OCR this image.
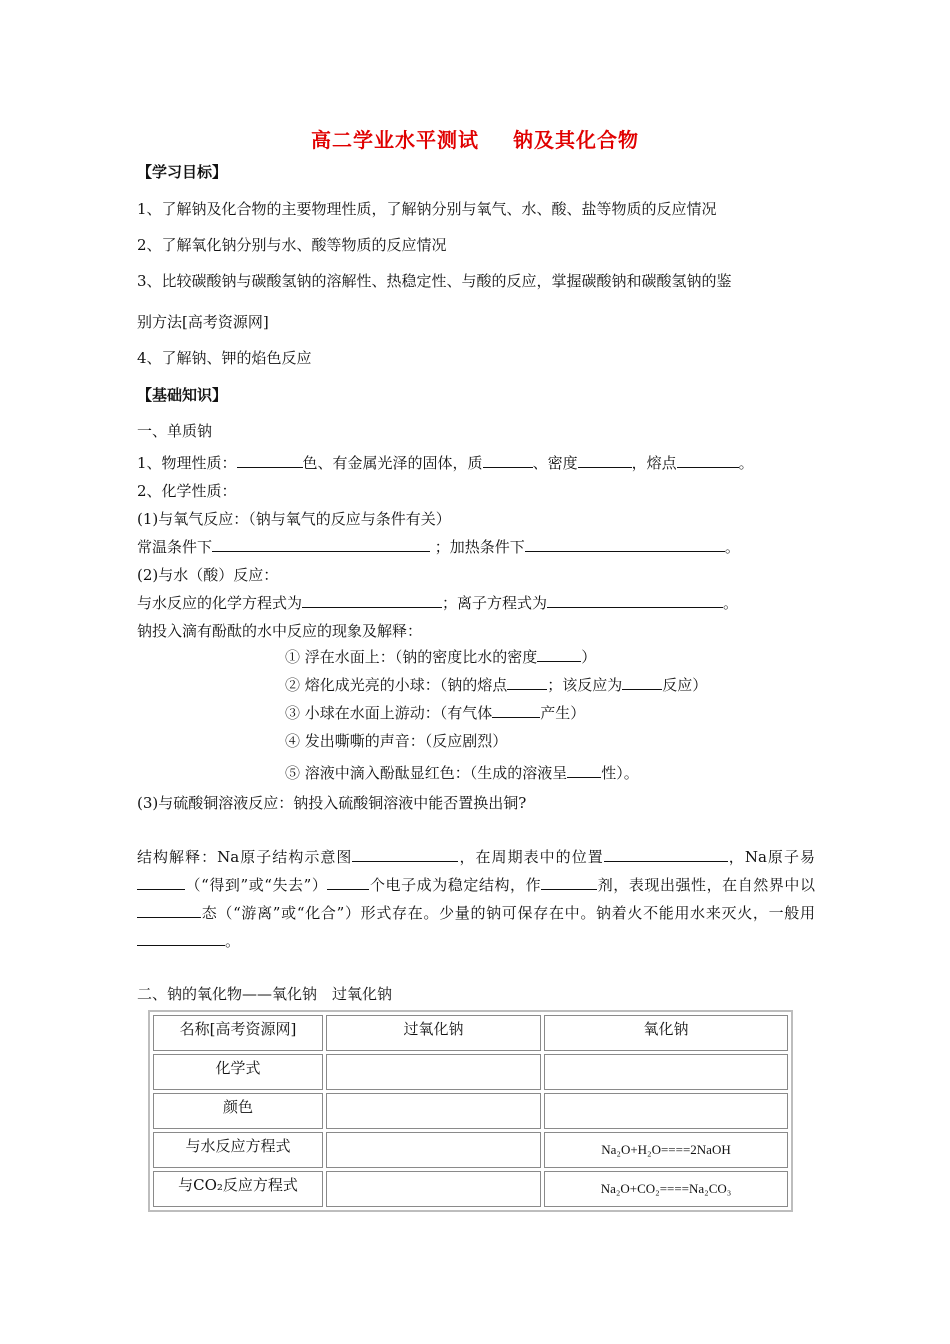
高二学业水平测试 钠及其化合物
【学习目标】
1、了解钠及化合物的主要物理性质，了解钠分别与氧气、水、酸、盐等物质的反应情况
2、了解氧化钠分别与水、酸等物质的反应情况
3、比较碳酸钠与碳酸氢钠的溶解性、热稳定性、与酸的反应，掌握碳酸钠和碳酸氢钠的鉴
别方法[高考资源网]
4、了解钠、钾的焰色反应
【基础知识】
一、单质钠
1、物理性质：	色、有金属光泽的固体，质	、密度	，熔点	。
2、化学性质：
(1)与氧气反应：（钠与氧气的反应与条件有关）
常温条件下	；加热条件下	。
(2)与水（酸）反应：
与水反应的化学方程式为	；离子方程式为	。
钠投入滴有酚酞的水中反应的现象及解释：
① 浮在水面上：（钠的密度比水的密度	）
② 熔化成光亮的小球：（钠的熔点	；该反应为	反应）
③ 小球在水面上游动：（有气体	产生）
④ 发出嘶嘶的声音：（反应剧烈）
⑤ 溶液中滴入酚酞显红色：（生成的溶液呈 性）。
(3)与硫酸铜溶液反应：钠投入硫酸铜溶液中能否置换出铜?
结构解释：Na原子结构示意图	，在周期表中的位置	，Na原子易（“得到”或“失去”）	个电子成为稳定结构，作	剂，表现出强性，在自然界中以态（“游离”或“化合”）形式存在。少量的钠可保存在中。钠着火不能用水来灭火，一般用。
二、钠的氧化物——氧化钠　过氧化钠
名称[高考资源网]	过氧化钠	氧化钠
化学式		
颜色		
与水反应方程式		Na₂O+H₂O====2NaOH
与CO₂反应方程式		Na₂O+CO₂====Na₂CO₃
